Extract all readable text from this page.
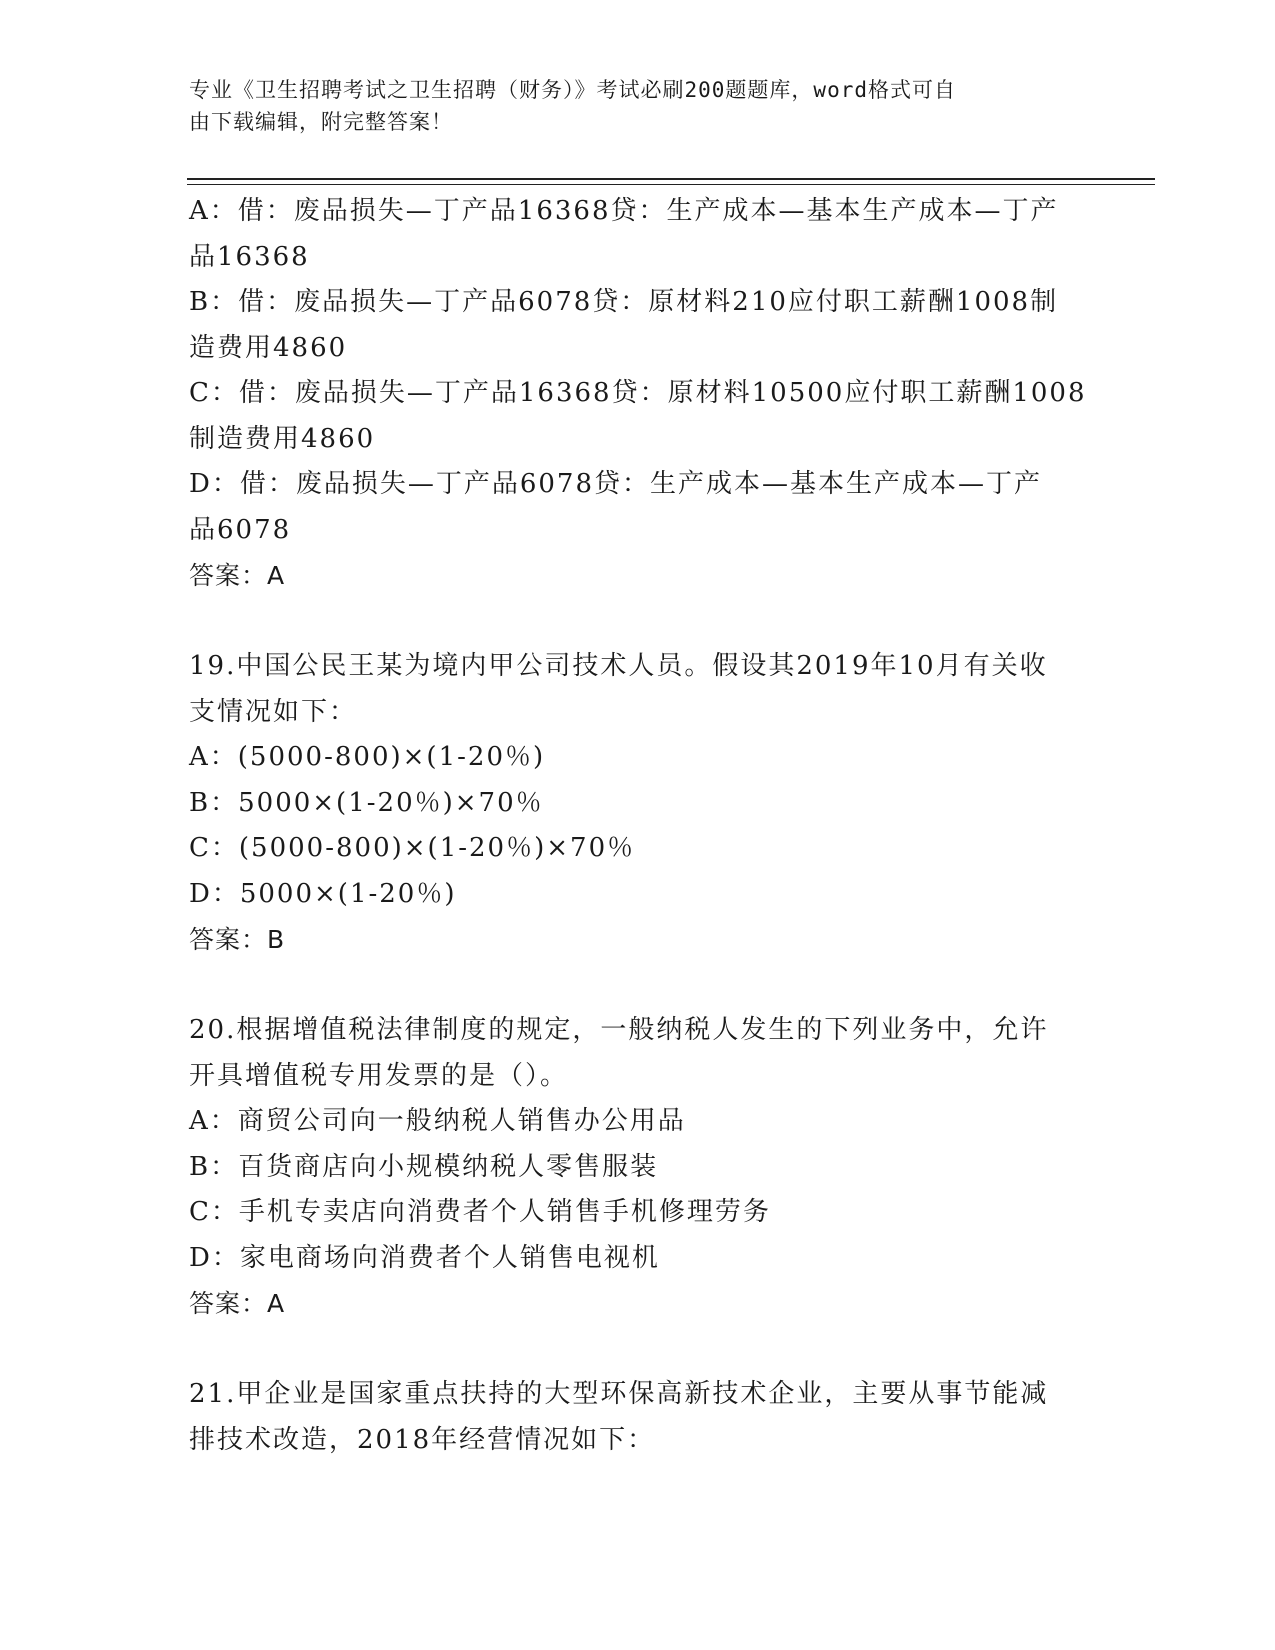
专业《卫生招聘考试之卫生招聘（财务）》考试必刷200题题库，word格式可自
由下载编辑，附完整答案！
A：借：废品损失—丁产品16368贷：生产成本—基本生产成本—丁产
品16368
B：借：废品损失—丁产品6078贷：原材料210应付职工薪酬1008制
造费用4860
C：借：废品损失—丁产品16368贷：原材料10500应付职工薪酬1008
制造费用4860
D：借：废品损失—丁产品6078贷：生产成本—基本生产成本—丁产
品6078
答案：A
19.中国公民王某为境内甲公司技术人员。假设其2019年10月有关收
支情况如下：
A：(5000-800)×(1-20％)
B：5000×(1-20％)×70％
C：(5000-800)×(1-20％)×70％
D：5000×(1-20％)
答案：B
20.根据增值税法律制度的规定，一般纳税人发生的下列业务中，允许
开具增值税专用发票的是（）。
A：商贸公司向一般纳税人销售办公用品
B：百货商店向小规模纳税人零售服装
C：手机专卖店向消费者个人销售手机修理劳务
D：家电商场向消费者个人销售电视机
答案：A
21.甲企业是国家重点扶持的大型环保高新技术企业，主要从事节能减
排技术改造，2018年经营情况如下：
